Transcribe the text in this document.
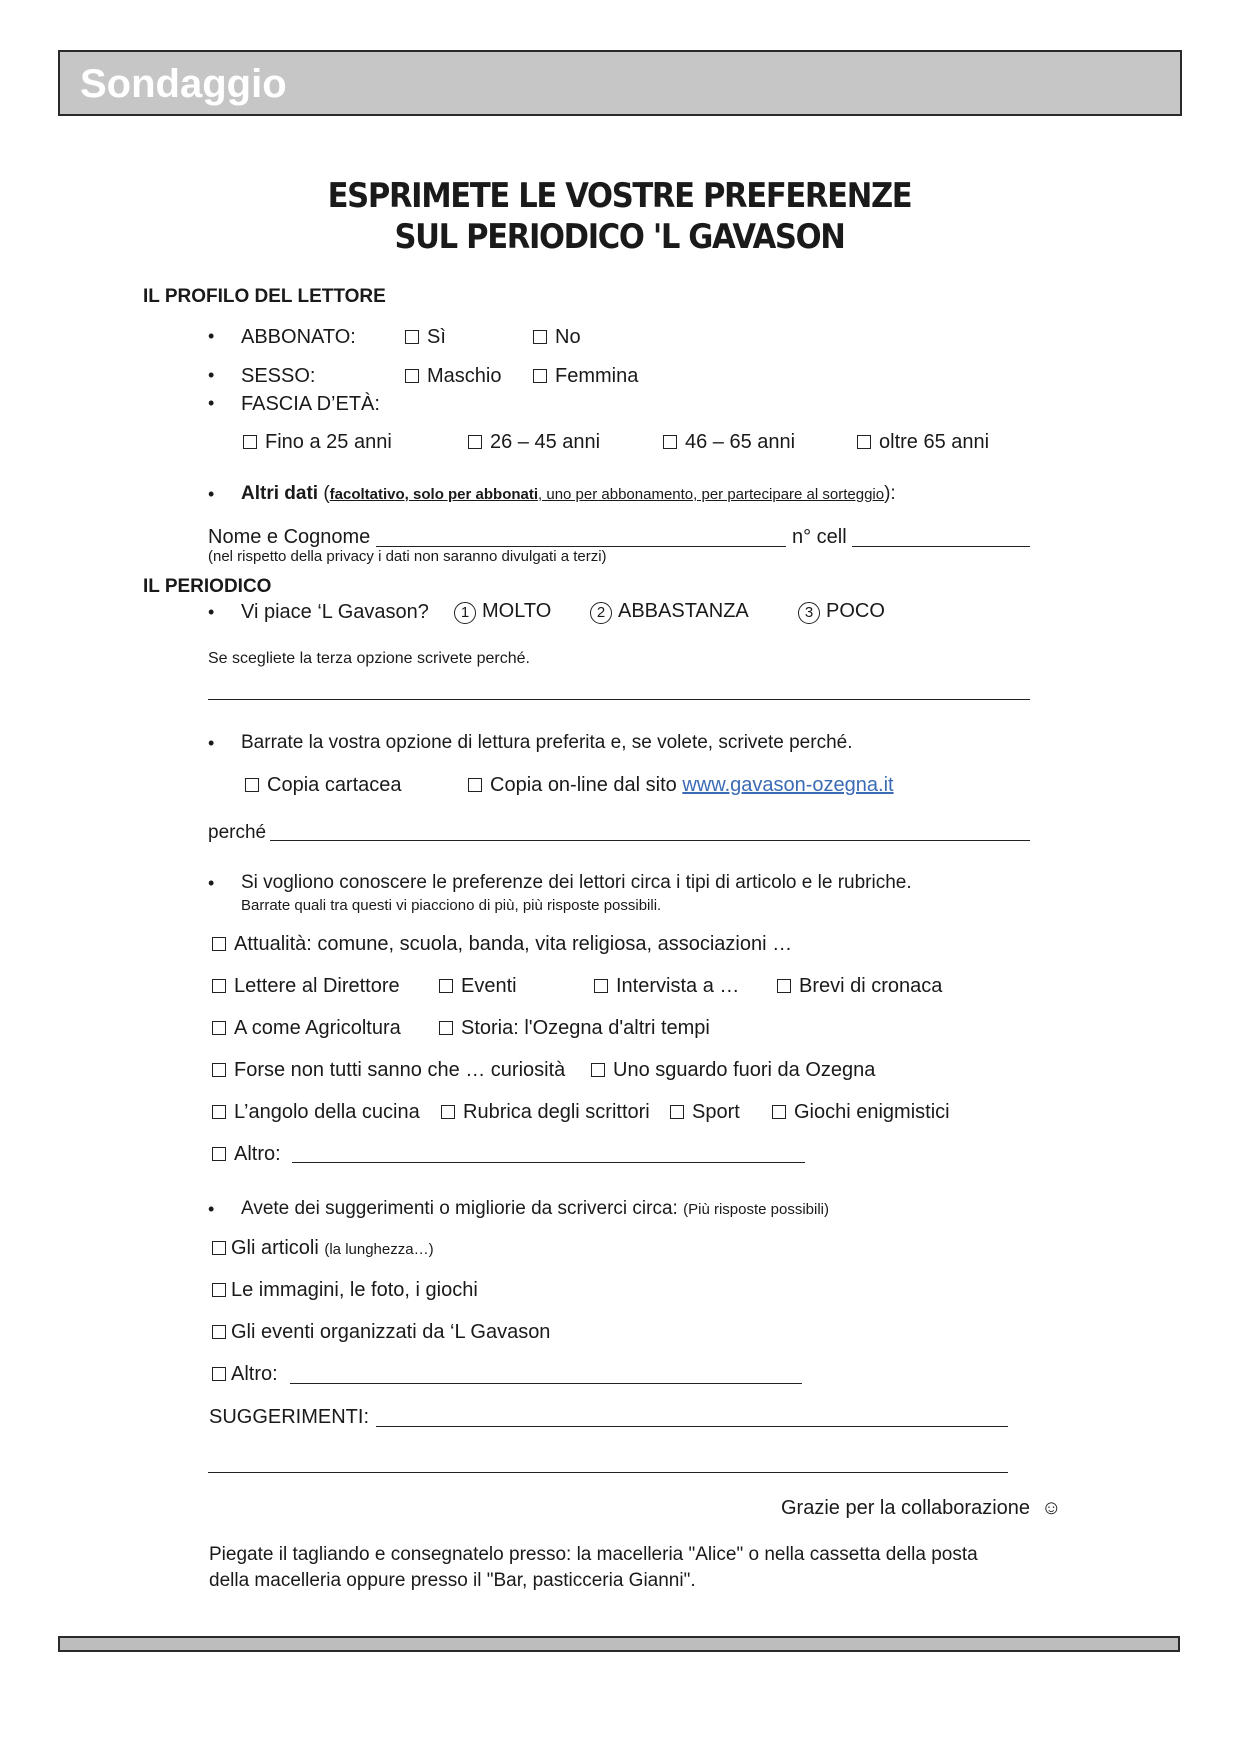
Sondaggio
ESPRIMETE LE VOSTRE PREFERENZE
SUL PERIODICO 'L GAVASON
IL PROFILO DEL LETTORE
• ABBONATO:	Sì	No
• SESSO:	Maschio	Femmina
• FASCIA D’ETÀ:
Fino a 25 anni	26 – 45 anni	46 – 65 anni	oltre 65 anni
• Altri dati (facoltativo, solo per abbonati, uno per abbonamento, per partecipare al sorteggio):
Nome e Cognome	n° cell
(nel rispetto della privacy i dati non saranno divulgati a terzi)
IL PERIODICO
• Vi piace ‘L Gavason?	1 MOLTO	2 ABBASTANZA	3 POCO
Se scegliete la terza opzione scrivete perché.
• Barrate la vostra opzione di lettura preferita e, se volete, scrivete perché.
Copia cartacea	Copia on-line dal sito www.gavason-ozegna.it
perché
• Si vogliono conoscere le preferenze dei lettori circa i tipi di articolo e le rubriche.
Barrate quali tra questi vi piacciono di più, più risposte possibili.
Attualità: comune, scuola, banda, vita religiosa, associazioni …
Lettere al Direttore	Eventi	Intervista a …	Brevi di cronaca
A come Agricoltura	Storia: l'Ozegna d'altri tempi
Forse non tutti sanno che … curiosità	Uno sguardo fuori da Ozegna
L’angolo della cucina	Rubrica degli scrittori	Sport	Giochi enigmistici
Altro:
• Avete dei suggerimenti o migliorie da scriverci circa: (Più risposte possibili)
Gli articoli (la lunghezza…)
Le immagini, le foto, i giochi
Gli eventi organizzati da ‘L Gavason
Altro:
SUGGERIMENTI:
Grazie per la collaborazione ☺
Piegate il tagliando e consegnatelo presso: la macelleria "Alice" o nella cassetta della posta
della macelleria oppure presso il "Bar, pasticceria Gianni".
